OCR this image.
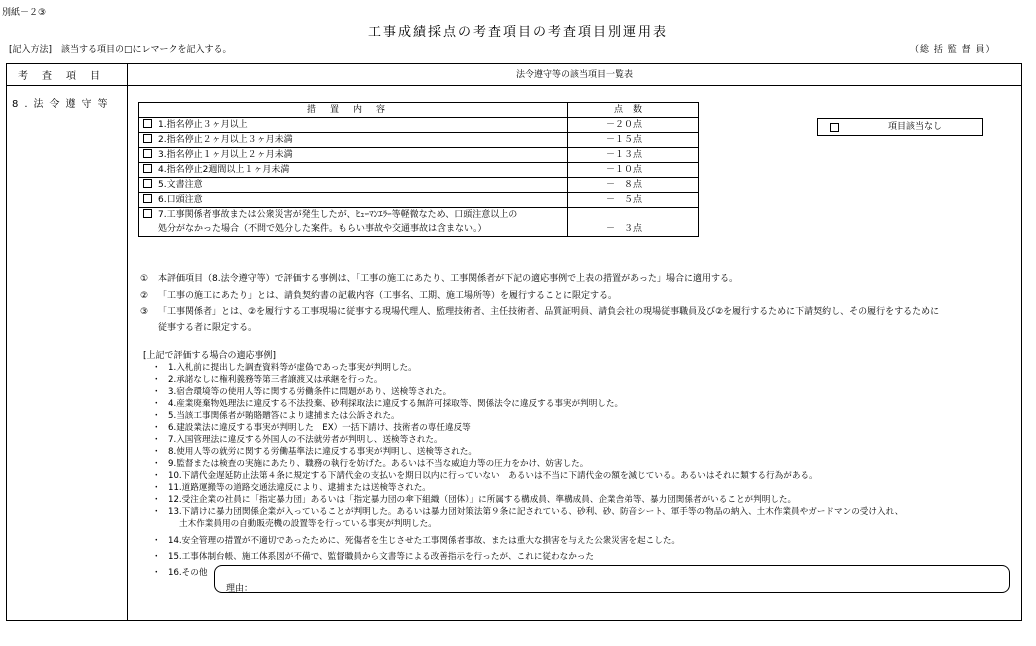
別紙－２③
工事成績採点の考査項目の考査項目別運用表
[記入方法]　該当する項目の□にレマークを記入する。	（総 括 監 督 員）
考査項目	法令遵守等の該当項目一覧表
8.法令遵守等	措置内容	点数
1.指名停止３ヶ月以上	－２０点
2.指名停止２ヶ月以上３ヶ月未満	－１５点
3.指名停止１ヶ月以上２ヶ月未満	－１３点
4.指名停止2週間以上１ヶ月未満	－１０点
5.文書注意	－　８点
6.口頭注意	－　５点
7.工事関係者事故または公衆災害が発生したが、ﾋｭｰﾏﾝｴﾗｰ等軽微なため、口頭注意以上の
処分がなかった場合（不問で処分した案件。もらい事故や交通事故は含まない。）	－　３点
項目該当なし
① 本評価項目（8.法令遵守等）で評価する事例は、「工事の施工にあたり、工事関係者が下記の適応事例で上表の措置があった」場合に適用する。
② 「工事の施工にあたり」とは、請負契約書の記載内容（工事名、工期、施工場所等）を履行することに限定する。
③ 「工事関係者」とは、②を履行する工事現場に従事する現場代理人、監理技術者、主任技術者、品質証明員、請負会社の現場従事職員及び②を履行するために下請契約し、その履行をするために
従事する者に限定する。
[上記で評価する場合の適応事例]
・ 1.入札前に提出した調査資料等が虚偽であった事実が判明した。
・ 2.承諾なしに権利義務等第三者譲渡又は承継を行った。
・ 3.宿舎環境等の使用人等に関する労働条件に問題があり、送検等された。
・ 4.産業廃棄物処理法に違反する不法投棄、砂利採取法に違反する無許可採取等、関係法令に違反する事実が判明した。
・ 5.当該工事関係者が賄賂贈答により逮捕または公訴された。
・ 6.建設業法に違反する事実が判明した　EX）一括下請け、技術者の専任違反等
・ 7.入国管理法に違反する外国人の不法就労者が判明し、送検等された。
・ 8.使用人等の就労に関する労働基準法に違反する事実が判明し、送検等された。
・ 9.監督または検査の実施にあたり、職務の執行を妨げた。あるいは不当な威迫力等の圧力をかけ、妨害した。
・ 10.下請代金遅延防止法第４条に規定する下請代金の支払いを期日以内に行っていない　あるいは不当に下請代金の額を減じている。あるいはそれに類する行為がある。
・ 11.道路運搬等の道路交通法違反により、逮捕または送検等された。
・ 12.受注企業の社員に「指定暴力団」あるいは「指定暴力団の傘下組織（団体）」に所属する構成員、準構成員、企業舎弟等、暴力団関係者がいることが判明した。
・ 13.下請けに暴力団関係企業が入っていることが判明した。あるいは暴力団対策法第９条に記されている、砂利、砂、防音シート、軍手等の物品の納入、土木作業員やガードマンの受け入れ、
土木作業員用の自動販売機の設置等を行っている事実が判明した。
・ 14.安全管理の措置が不適切であったために、死傷者を生じさせた工事関係者事故、または重大な損害を与えた公衆災害を起こした。
・ 15.工事体制台帳、施工体系図が不備で、監督職員から文書等による改善指示を行ったが、これに従わなかった
・ 16.その他
理由：
